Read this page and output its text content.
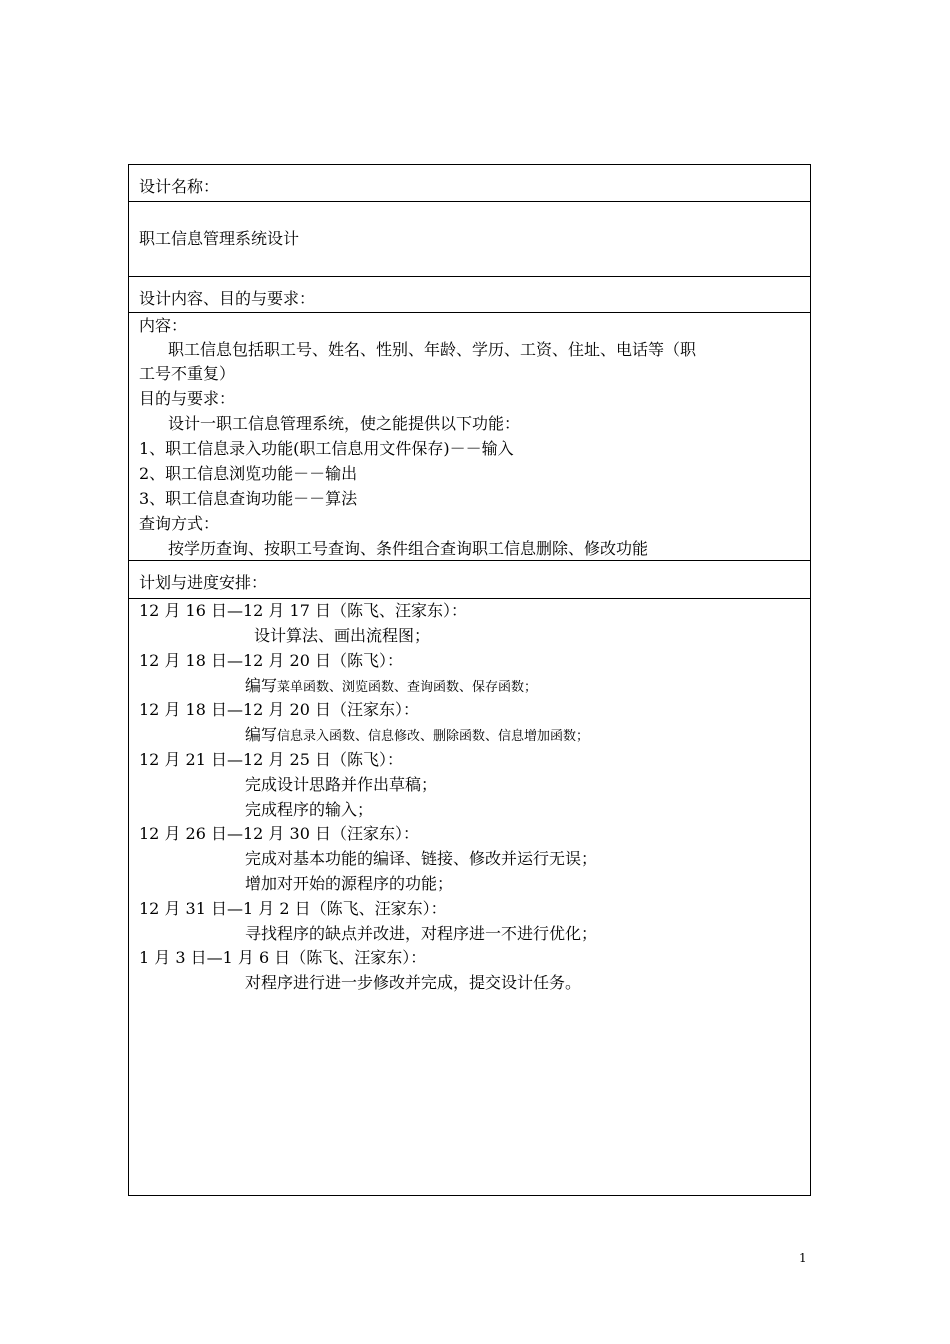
设计名称：
职工信息管理系统设计
设计内容、目的与要求：
内容：
职工信息包括职工号、姓名、性别、年龄、学历、工资、住址、电话等（职
工号不重复）
目的与要求：
设计一职工信息管理系统，使之能提供以下功能：
1、职工信息录入功能(职工信息用文件保存)－－输入
2、职工信息浏览功能－－输出
3、职工信息查询功能－－算法
查询方式：
按学历查询、按职工号查询、条件组合查询职工信息删除、修改功能
计划与进度安排：
12 月 16 日—12 月 17 日（陈飞、汪家东）：
设计算法、画出流程图；
12 月 18 日—12 月 20 日（陈飞）：
编写菜单函数、浏览函数、查询函数、保存函数；
12 月 18 日—12 月 20 日（汪家东）：
编写信息录入函数、信息修改、删除函数、信息增加函数；
12 月 21 日—12 月 25 日（陈飞）：
完成设计思路并作出草稿；
完成程序的输入；
12 月 26 日—12 月 30 日（汪家东）：
完成对基本功能的编译、链接、修改并运行无误；
增加对开始的源程序的功能；
12 月 31 日—1 月 2 日（陈飞、汪家东）：
寻找程序的缺点并改进，对程序进一不进行优化；
1 月 3 日—1 月 6 日（陈飞、汪家东）：
对程序进行进一步修改并完成，提交设计任务。
1
